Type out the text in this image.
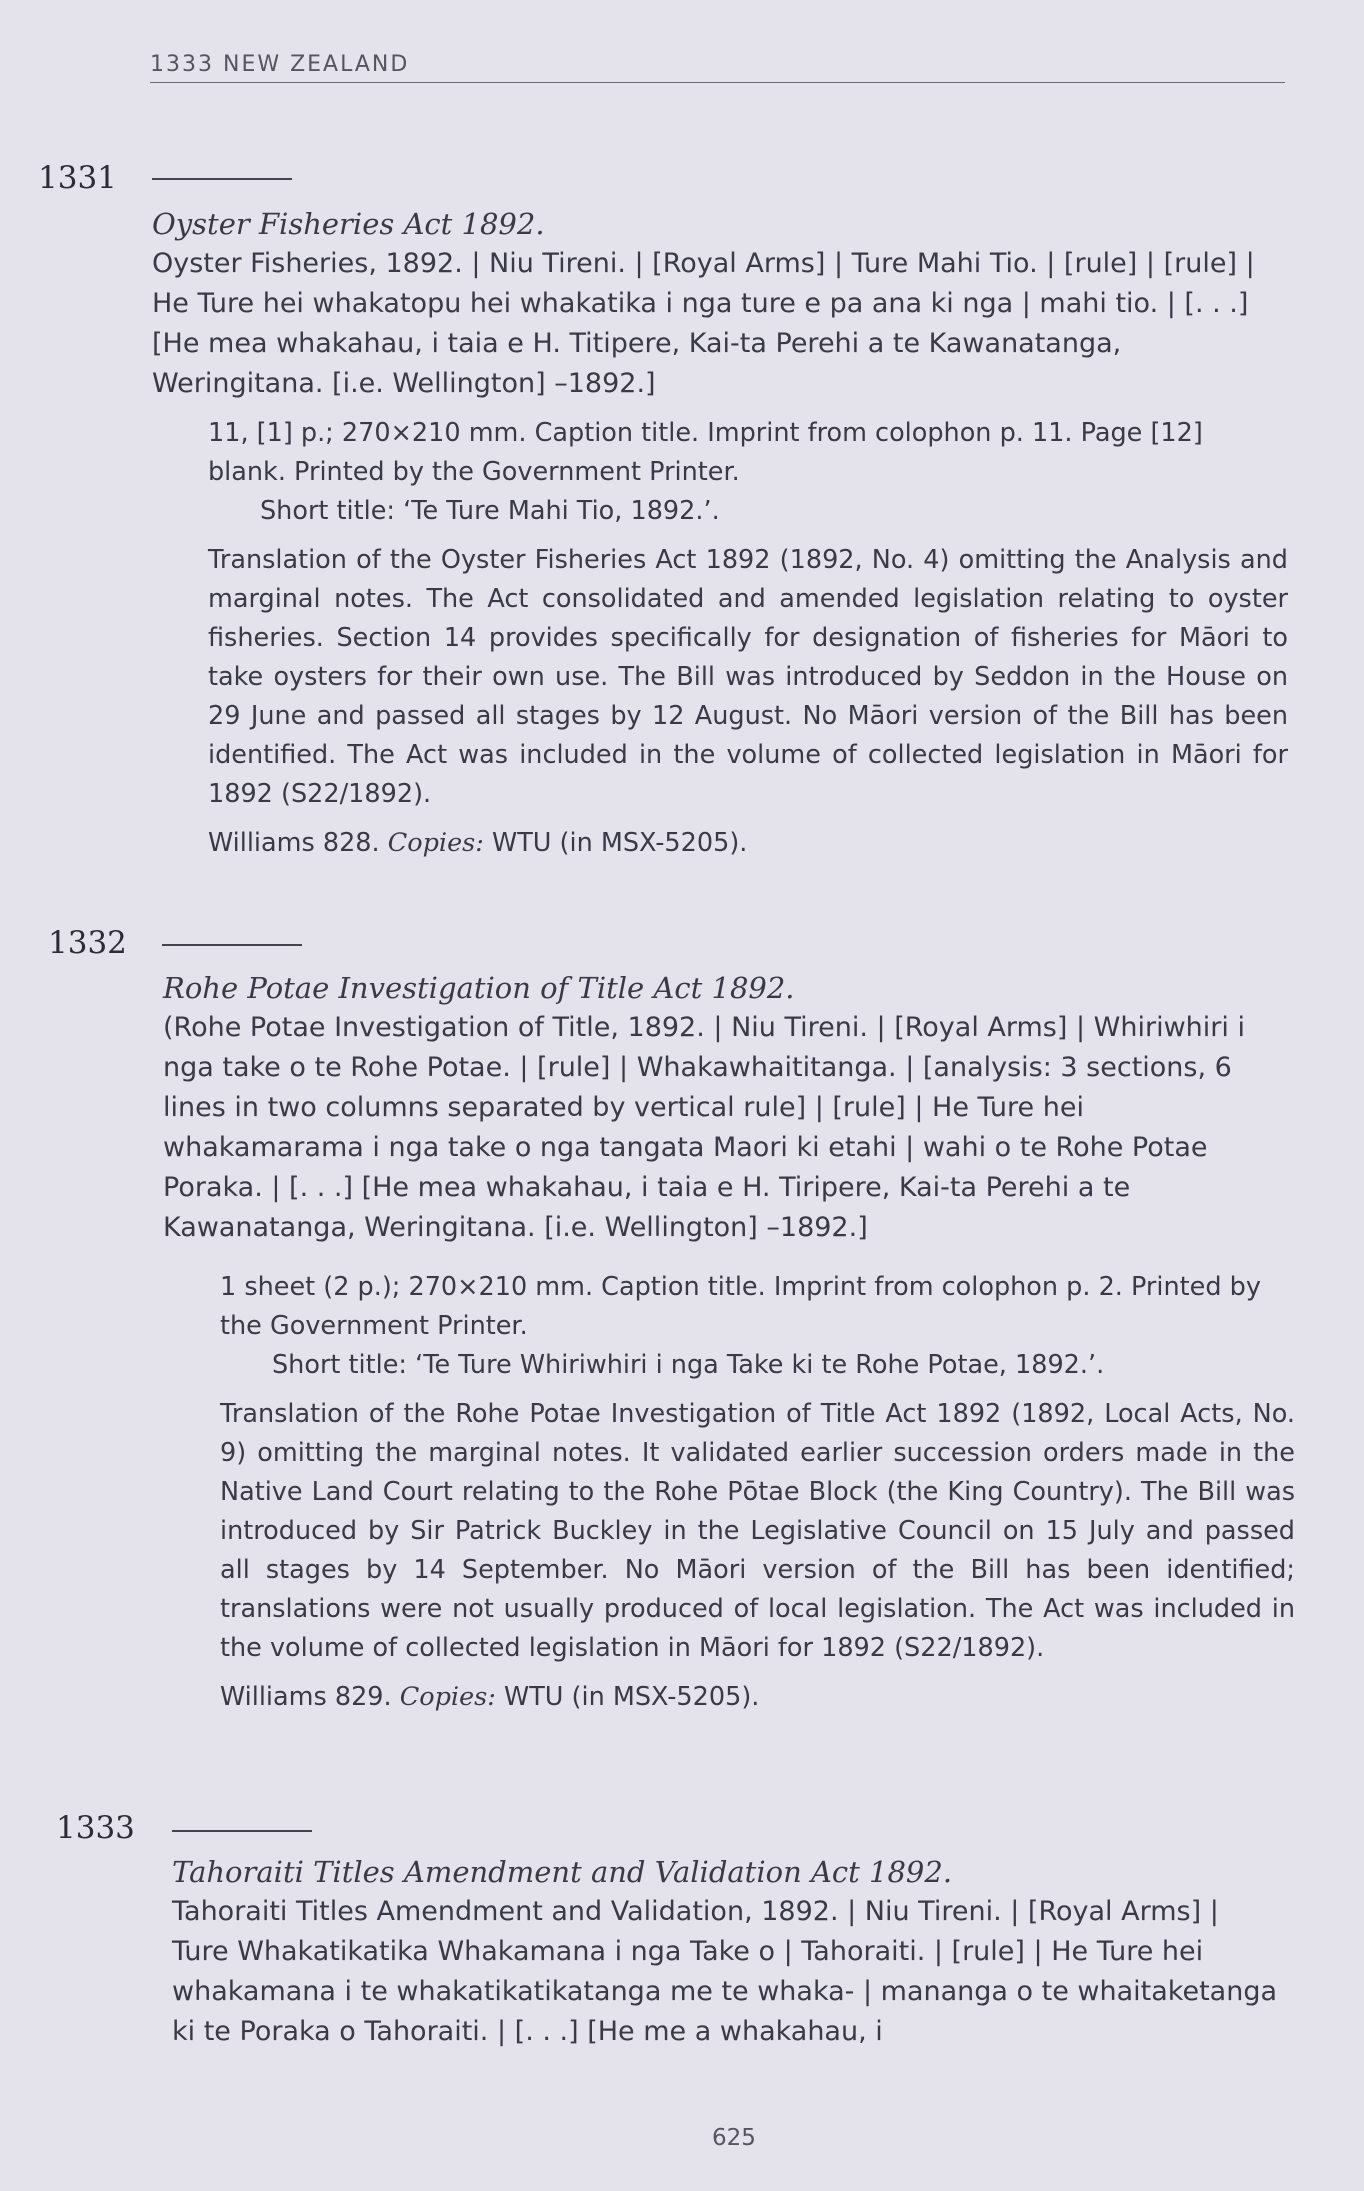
1333 NEW ZEALAND
1331

Oyster Fisheries Act 1892.

Oyster Fisheries, 1892. | Niu Tireni. | [Royal Arms] | Ture Mahi Tio. | [rule] | [rule] | He Ture hei whakatopu hei whakatika i nga ture e pa ana ki nga | mahi tio. | [. . .] [He mea whakahau, i taia e H. Titipere, Kai-ta Perehi a te Kawanatanga, Weringitana. [i.e. Wellington] –1892.]

11, [1] p.; 270×210 mm. Caption title. Imprint from colophon p. 11. Page [12] blank. Printed by the Government Printer.

Short title: ‘Te Ture Mahi Tio, 1892.’.

Translation of the Oyster Fisheries Act 1892 (1892, No. 4) omitting the Analysis and marginal notes. The Act consolidated and amended legislation relating to oyster fisheries. Section 14 provides specifically for designation of fisheries for Māori to take oysters for their own use. The Bill was introduced by Seddon in the House on 29 June and passed all stages by 12 August. No Māori version of the Bill has been identified. The Act was included in the volume of collected legislation in Māori for 1892 (S22/1892).

Williams 828. Copies: WTU (in MSX-5205).

1332

Rohe Potae Investigation of Title Act 1892.

(Rohe Potae Investigation of Title, 1892. | Niu Tireni. | [Royal Arms] | Whiriwhiri i nga take o te Rohe Potae. | [rule] | Whakawhaititanga. | [analysis: 3 sections, 6 lines in two columns separated by vertical rule] | [rule] | He Ture hei whakamarama i nga take o nga tangata Maori ki etahi | wahi o te Rohe Potae Poraka. | [. . .] [He mea whakahau, i taia e H. Tiripere, Kai-ta Perehi a te Kawanatanga, Weringitana. [i.e. Wellington] –1892.]

1 sheet (2 p.); 270×210 mm. Caption title. Imprint from colophon p. 2. Printed by the Government Printer.

Short title: ‘Te Ture Whiriwhiri i nga Take ki te Rohe Potae, 1892.’.

Translation of the Rohe Potae Investigation of Title Act 1892 (1892, Local Acts, No. 9) omitting the marginal notes. It validated earlier succession orders made in the Native Land Court relating to the Rohe Pōtae Block (the King Country). The Bill was introduced by Sir Patrick Buckley in the Legislative Council on 15 July and passed all stages by 14 September. No Māori version of the Bill has been identified; translations were not usually produced of local legislation. The Act was included in the volume of collected legislation in Māori for 1892 (S22/1892).

Williams 829. Copies: WTU (in MSX-5205).

1333

Tahoraiti Titles Amendment and Validation Act 1892.

Tahoraiti Titles Amendment and Validation, 1892. | Niu Tireni. | [Royal Arms] | Ture Whakatikatika Whakamana i nga Take o | Tahoraiti. | [rule] | He Ture hei whakamana i te whakatikatikatanga me te whaka- | mananga o te whaitaketanga ki te Poraka o Tahoraiti. | [. . .] [He me a whakahau, i

625
